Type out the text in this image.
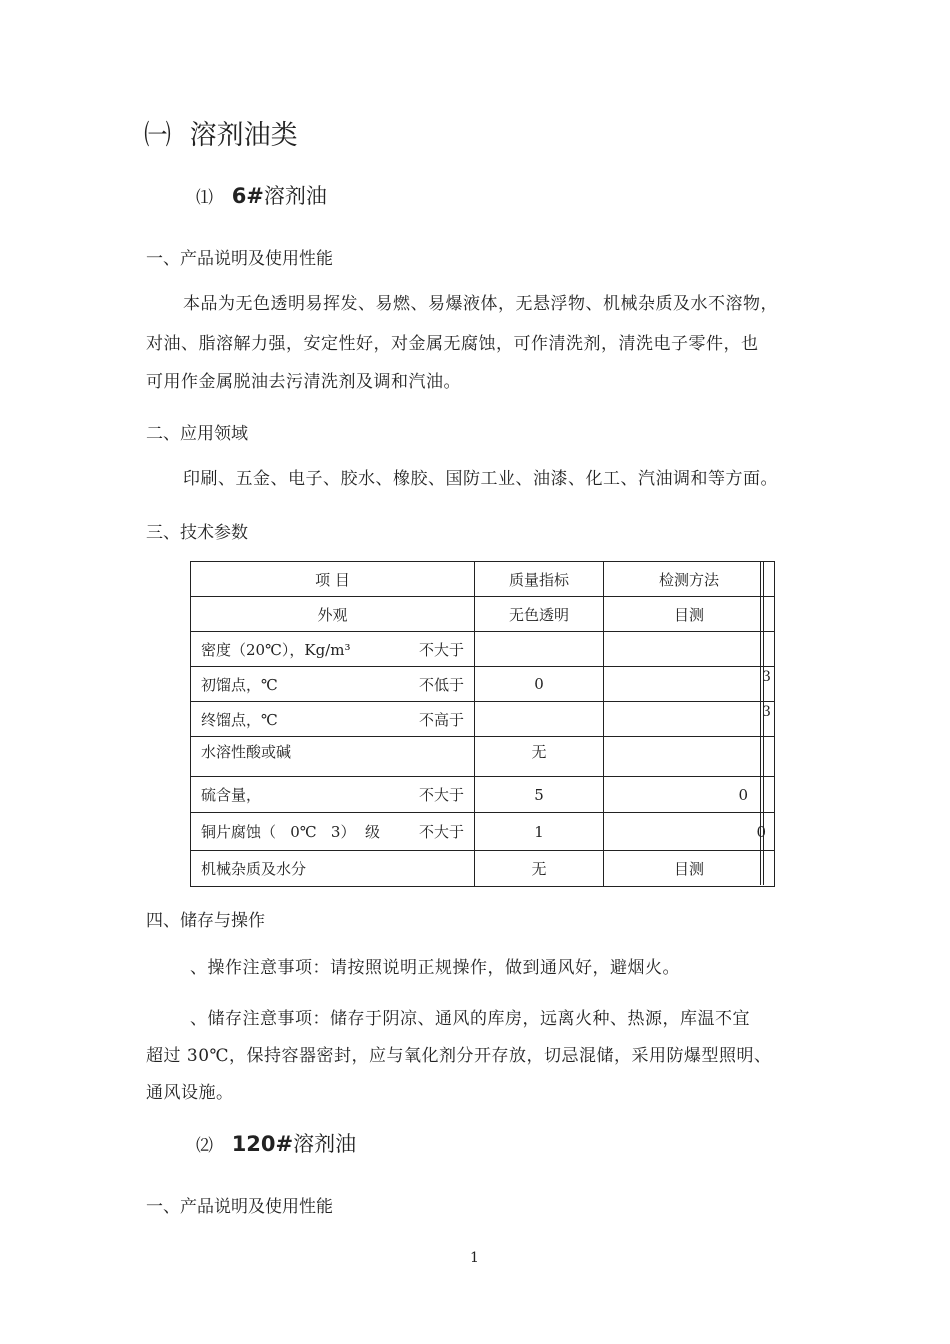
㈠ 溶剂油类
⑴ 6#溶剂油
一、产品说明及使用性能
本品为无色透明易挥发、易燃、易爆液体，无悬浮物、机械杂质及水不溶物，
对油、脂溶解力强，安定性好，对金属无腐蚀，可作清洗剂，清洗电子零件，也
可用作金属脱油去污清洗剂及调和汽油。
二、应用领域
印刷、五金、电子、胶水、橡胶、国防工业、油漆、化工、汽油调和等方面。
三、技术参数
项 目	质量指标	检测方法
外观	无色透明	目测

密度（20℃），Kg/m³ 不大于		

初馏点，℃ 不低于	0	

终馏点，℃ 不高于		

水溶性酸或碱	无	

硫含量， 不大于	5	0

铜片腐蚀（   0℃   3）  级 不大于	1	0
机械杂质及水分	无	目测
3
3
四、储存与操作
、操作注意事项：请按照说明正规操作，做到通风好，避烟火。
、储存注意事项：储存于阴凉、通风的库房，远离火种、热源，库温不宜
超过 30℃，保持容器密封，应与氧化剂分开存放，切忌混储，采用防爆型照明、
通风设施。
⑵ 120#溶剂油
一、产品说明及使用性能
1
